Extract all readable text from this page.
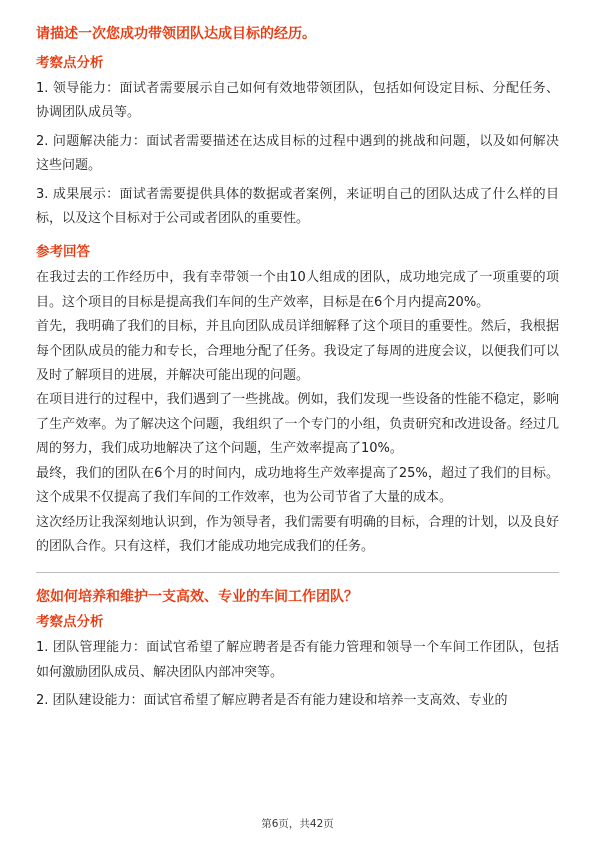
请描述一次您成功带领团队达成目标的经历。
考察点分析

1. 领导能力：面试者需要展示自己如何有效地带领团队，包括如何设定目标、分配任务、协调团队成员等。

2. 问题解决能力：面试者需要描述在达成目标的过程中遇到的挑战和问题，以及如何解决这些问题。

3. 成果展示：面试者需要提供具体的数据或者案例，来证明自己的团队达成了什么样的目标，以及这个目标对于公司或者团队的重要性。

参考回答

在我过去的工作经历中，我有幸带领一个由10人组成的团队，成功地完成了一项重要的项目。这个项目的目标是提高我们车间的生产效率，目标是在6个月内提高20%。

首先，我明确了我们的目标，并且向团队成员详细解释了这个项目的重要性。然后，我根据每个团队成员的能力和专长，合理地分配了任务。我设定了每周的进度会议，以便我们可以及时了解项目的进展，并解决可能出现的问题。

在项目进行的过程中，我们遇到了一些挑战。例如，我们发现一些设备的性能不稳定，影响了生产效率。为了解决这个问题，我组织了一个专门的小组，负责研究和改进设备。经过几周的努力，我们成功地解决了这个问题，生产效率提高了10%。

最终，我们的团队在6个月的时间内，成功地将生产效率提高了25%，超过了我们的目标。这个成果不仅提高了我们车间的工作效率，也为公司节省了大量的成本。

这次经历让我深刻地认识到，作为领导者，我们需要有明确的目标，合理的计划，以及良好的团队合作。只有这样，我们才能成功地完成我们的任务。

您如何培养和维护一支高效、专业的车间工作团队？
考察点分析

1. 团队管理能力：面试官希望了解应聘者是否有能力管理和领导一个车间工作团队，包括如何激励团队成员、解决团队内部冲突等。

2. 团队建设能力：面试官希望了解应聘者是否有能力建设和培养一支高效、专业的

第6页，共42页
